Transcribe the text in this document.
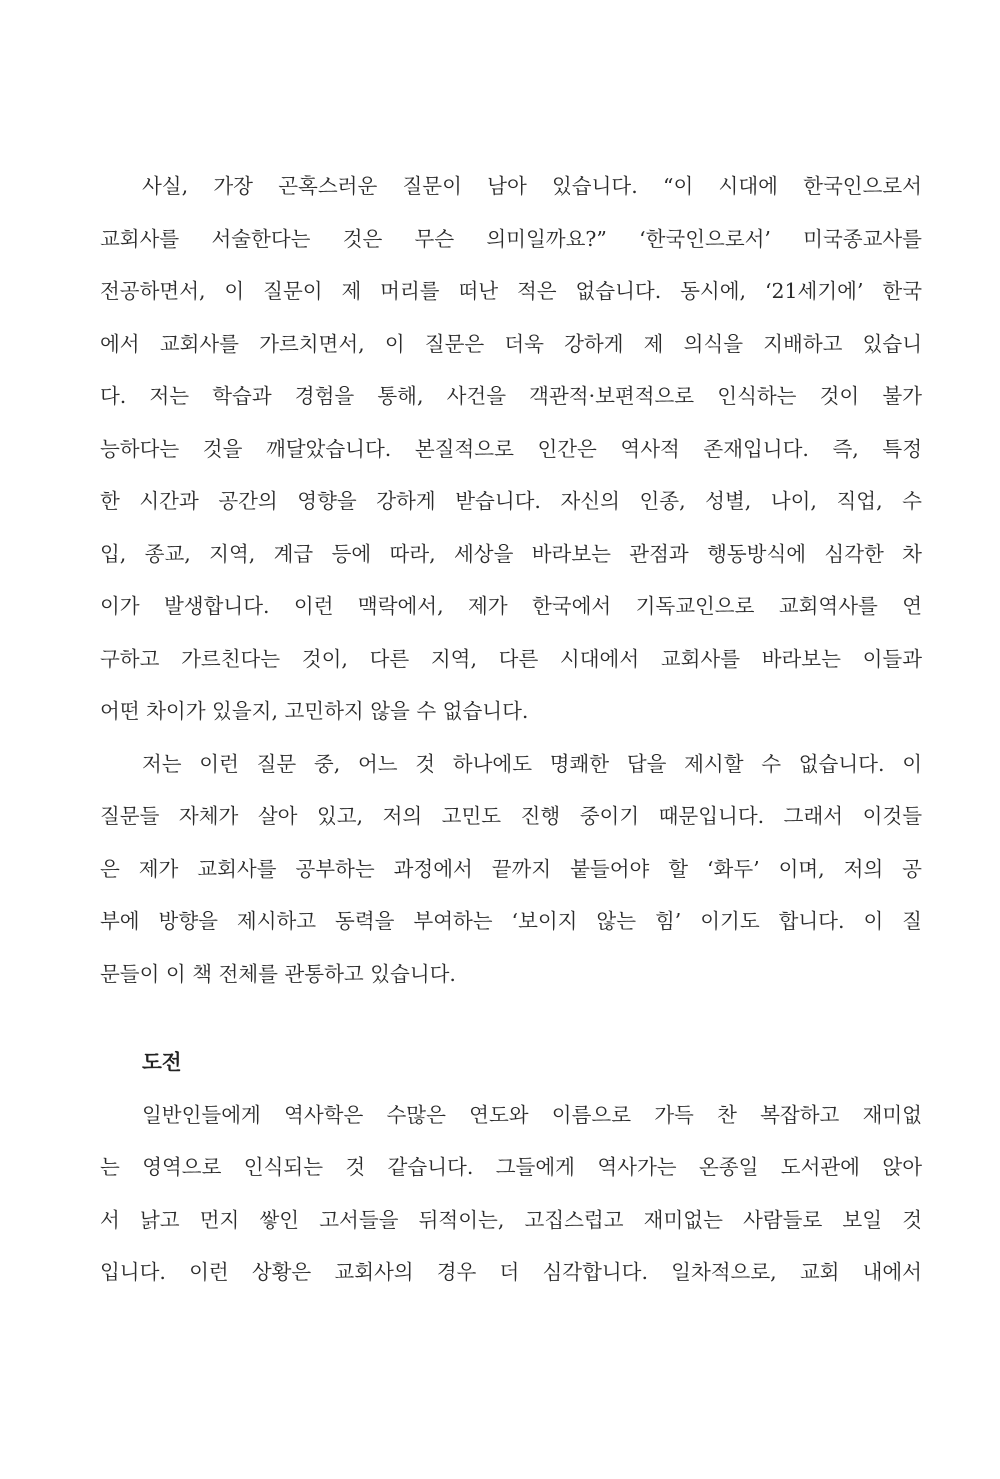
사실, 가장 곤혹스러운 질문이 남아 있습니다. “이 시대에 한국인으로서
교회사를 서술한다는 것은 무슨 의미일까요?” ‘한국인으로서’ 미국종교사를
전공하면서, 이 질문이 제 머리를 떠난 적은 없습니다. 동시에, ‘21세기에’ 한국
에서 교회사를 가르치면서, 이 질문은 더욱 강하게 제 의식을 지배하고 있습니
다. 저는 학습과 경험을 통해, 사건을 객관적·보편적으로 인식하는 것이 불가
능하다는 것을 깨달았습니다. 본질적으로 인간은 역사적 존재입니다. 즉, 특정
한 시간과 공간의 영향을 강하게 받습니다. 자신의 인종, 성별, 나이, 직업, 수
입, 종교, 지역, 계급 등에 따라, 세상을 바라보는 관점과 행동방식에 심각한 차
이가 발생합니다. 이런 맥락에서, 제가 한국에서 기독교인으로 교회역사를 연
구하고 가르친다는 것이, 다른 지역, 다른 시대에서 교회사를 바라보는 이들과
어떤 차이가 있을지, 고민하지 않을 수 없습니다.
저는 이런 질문 중, 어느 것 하나에도 명쾌한 답을 제시할 수 없습니다. 이
질문들 자체가 살아 있고, 저의 고민도 진행 중이기 때문입니다. 그래서 이것들
은 제가 교회사를 공부하는 과정에서 끝까지 붙들어야 할 ‘화두’ 이며, 저의 공
부에 방향을 제시하고 동력을 부여하는 ‘보이지 않는 힘’ 이기도 합니다. 이 질
문들이 이 책 전체를 관통하고 있습니다.
도전
일반인들에게 역사학은 수많은 연도와 이름으로 가득 찬 복잡하고 재미없
는 영역으로 인식되는 것 같습니다. 그들에게 역사가는 온종일 도서관에 앉아
서 낡고 먼지 쌓인 고서들을 뒤적이는, 고집스럽고 재미없는 사람들로 보일 것
입니다. 이런 상황은 교회사의 경우 더 심각합니다. 일차적으로, 교회 내에서
